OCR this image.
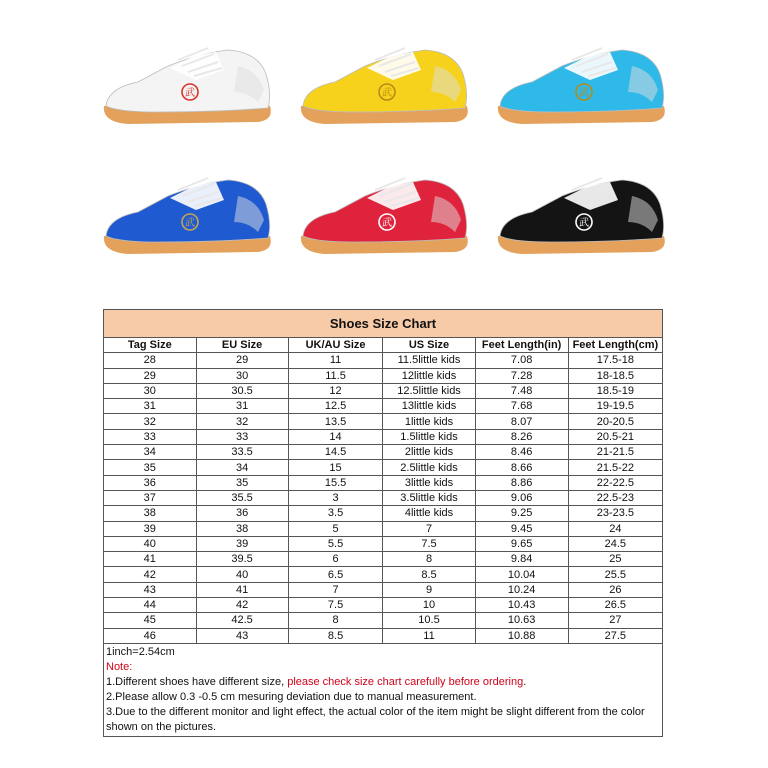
武	武	武
武	武	武
Shoes Size Chart
Tag Size	EU Size	UK/AU Size	US Size	Feet Length(in)	Feet Length(cm)
28	29	11	11.5little kids	7.08	17.5-18
29	30	11.5	12little kids	7.28	18-18.5
30	30.5	12	12.5little kids	7.48	18.5-19
31	31	12.5	13little kids	7.68	19-19.5
32	32	13.5	1little kids	8.07	20-20.5
33	33	14	1.5little kids	8.26	20.5-21
34	33.5	14.5	2little kids	8.46	21-21.5
35	34	15	2.5little kids	8.66	21.5-22
36	35	15.5	3little kids	8.86	22-22.5
37	35.5	3	3.5little kids	9.06	22.5-23
38	36	3.5	4little kids	9.25	23-23.5
39	38	5	7	9.45	24
40	39	5.5	7.5	9.65	24.5
41	39.5	6	8	9.84	25
42	40	6.5	8.5	10.04	25.5
43	41	7	9	10.24	26
44	42	7.5	10	10.43	26.5
45	42.5	8	10.5	10.63	27
46	43	8.5	11	10.88	27.5
1inch=2.54cm
Note:
1.Different shoes have different size, please check size chart carefully before ordering.
2.Please allow 0.3 -0.5 cm mesuring deviation due to manual measurement.
3.Due to the different monitor and light effect, the actual color of the item might be slight different from the color shown on the pictures.
